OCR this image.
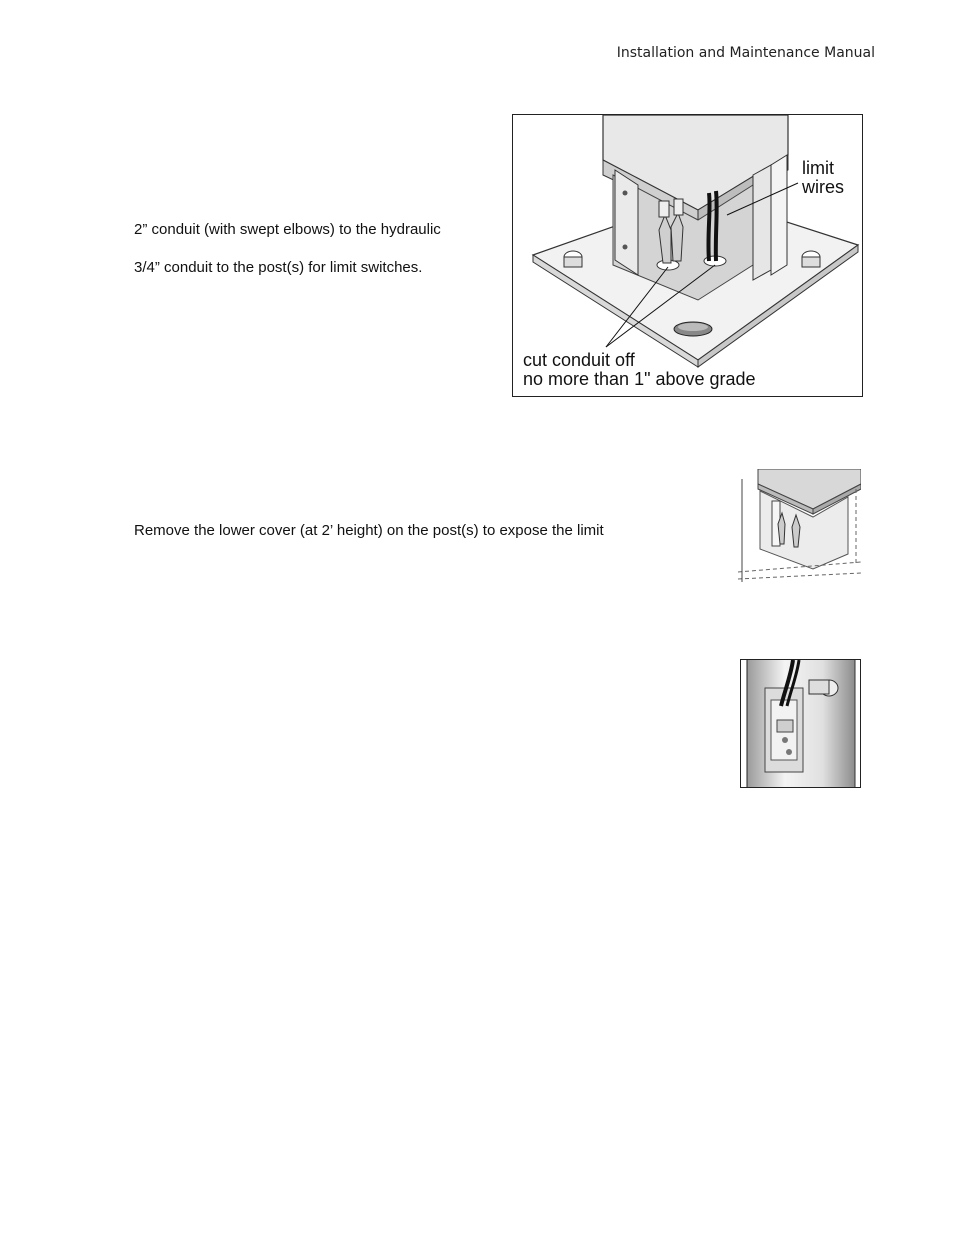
Installation and Maintenance Manual
2” conduit (with swept elbows) to the hydraulic
3/4” conduit to the post(s) for limit switches.
Remove the lower cover (at 2’ height) on the post(s) to expose the limit
limit
wires
cut conduit off
no more than 1" above grade
